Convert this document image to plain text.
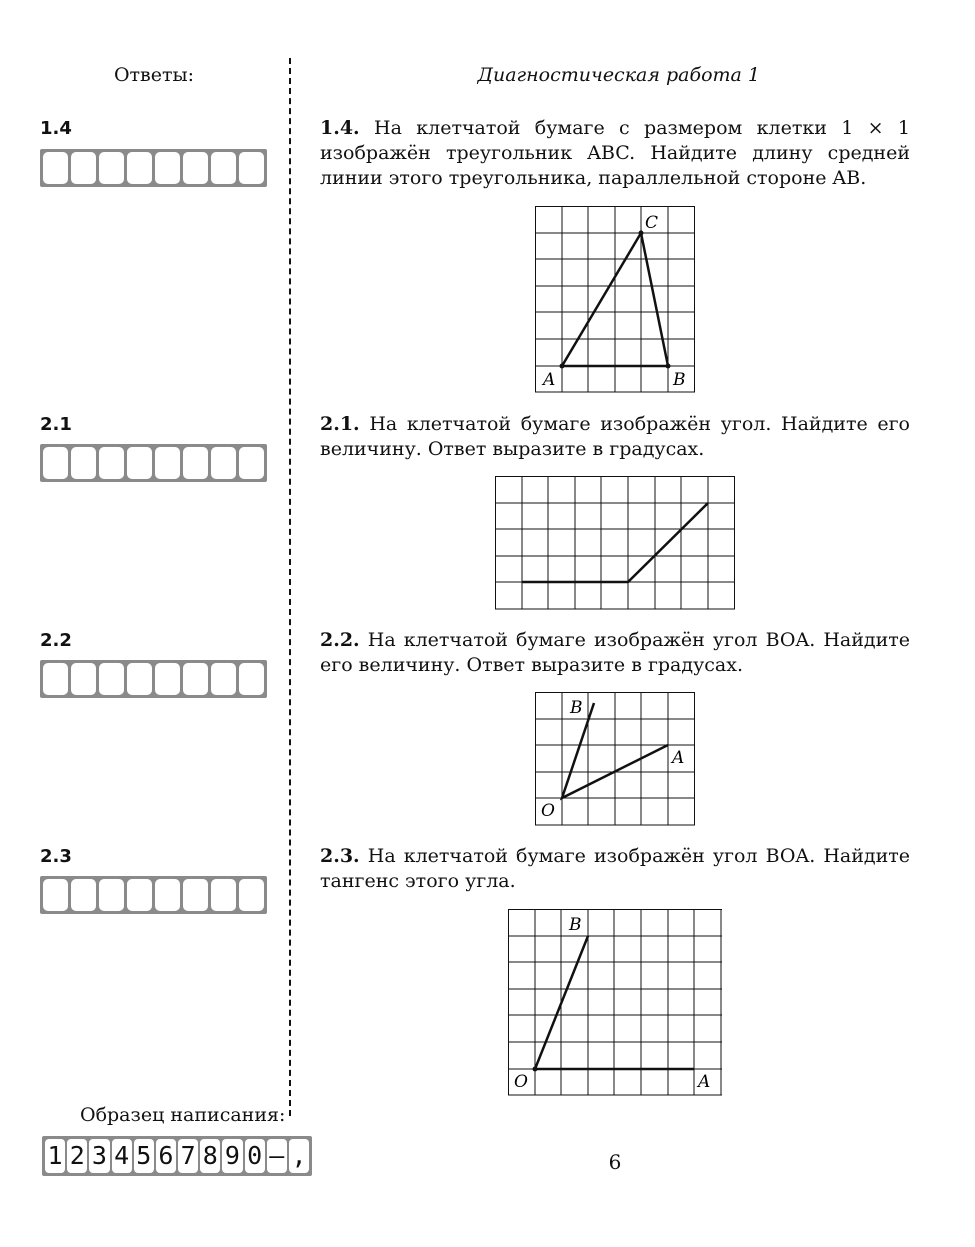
Ответы:	Диагностическая работа 1
1.4
2.1
2.2
2.3
1.4. На клетчатой бумаге с размером клетки 1 × 1 изображён треугольник ABC. Найдите длину средней линии этого треугольника, параллельной стороне AB.
A	B
C
2.1. На клетчатой бумаге изображён угол. Найдите его величину. Ответ выразите в градусах.
2.2. На клетчатой бумаге изображён угол BOA. Найдите его величину. Ответ выразите в градусах.
B
O
A
2.3. На клетчатой бумаге изображён угол BOA. Найдите тангенс этого угла.
B
O	A
Образец написания:
1 2 3 4 5 6 7 8 9 0 – ,	6
